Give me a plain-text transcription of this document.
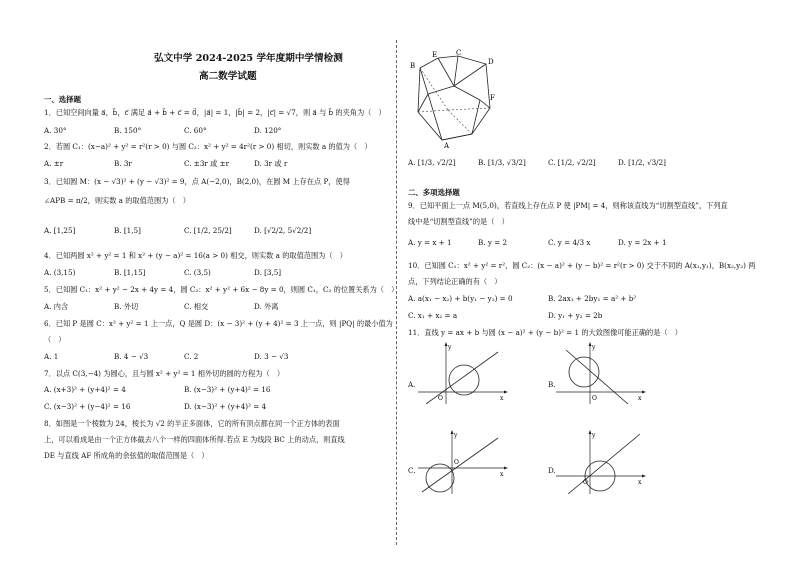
弘文中学 2024-2025 学年度期中学情检测
高二数学试题
一、选择题
1．已知空间向量 a⃗，b⃗，c⃗ 满足 a⃗ + b⃗ + c⃗ = 0⃗，|a⃗| = 1，|b⃗| = 2，|c⃗| = √7，则 a⃗ 与 b⃗ 的夹角为（　）
A. 30°	B. 150°	C. 60°	D. 120°
2．若圆 C₁：(x−a)² + y² = r²(r > 0) 与圆 C₂：x² + y² = 4r²(r > 0) 相切，则实数 a 的值为（　）
A. ±r	B. 3r	C. ±3r 或 ±r	D. 3r 或 r
3．已知圆 M：(x − √3)² + (y − √3)² = 9，点 A(−2,0)，B(2,0)，在圆 M 上存在点 P，使得
∠APB = π/2，则实数 a 的取值范围为（　）
A. [1,25]	B. [1,5]	C. [1/2, 25/2]	D. [√2/2, 5√2/2]
4．已知两圆 x² + y² = 1 和 x² + (y − a)² = 16(a > 0) 相交，则实数 a 的取值范围为（　）
A. (3,15)	B. [1,15]	C. (3,5)	D. [3,5]
5．已知圆 C₁：x² + y² − 2x + 4y = 4，圆 C₂：x² + y² + 6x − 8y = 0，则圆 C₁，C₂ 的位置关系为（　）
A. 内含	B. 外切	C. 相交	D. 外离
6．已知 P 是圆 C：x² + y² = 1 上一点，Q 是圆 D：(x − 3)² + (y + 4)² = 3 上一点，则 |PQ| 的最小值为
（　）
A. 1	B. 4 − √3	C. 2	D. 3 − √3
7．以点 C(3,−4) 为圆心，且与圆 x² + y² = 1 相外切的圆的方程为（　）
A. (x+3)² + (y+4)² = 4	B. (x−3)² + (y+4)² = 16
C. (x−3)² + (y−4)² = 16	D. (x−3)² + (y+4)² = 4
8．如图是一个棱数为 24，棱长为 √2 的半正多面体，它的所有顶点都在同一个正方体的表面
上，可以看成是由一个正方体截去八个一样的四面体所得.若点 E 为线段 BC 上的动点，则直线
DE 与直线 AF 所成角的余弦值的取值范围是（　）
B
E	C
D
F
A
A. [1/3, √2/2]	B. [1/3, √3/2]	C. [1/2, √2/2]	D. [1/2, √3/2]
二、多项选择题
9．已知平面上一点 M(5,0)，若直线上存在点 P 使 |PM| = 4，则称该直线为“切割型直线”，下列直
线中是“切割型直线”的是（　）
A. y = x + 1	B. y = 2	C. y = 4/3 x	D. y = 2x + 1
10．已知圆 C₁：x² + y² = r²，圆 C₂：(x − a)² + (y − b)² = r²(r > 0) 交于不同的 A(x₁,y₁)，B(x₂,y₂) 两
点，下列结论正确的有（　）
A. a(x₁ − x₂) + b(y₁ − y₂) = 0	B. 2ax₁ + 2by₁ = a² + b²
C. x₁ + x₂ = a	D. y₁ + y₂ = 2b
11．直线 y = ax + b 与圆 (x − a)² + (y − b)² = 1 的大致图像可能正确的是（　）
A.
y
x
O
B.
y
x
O
C.
y
x
O
D.
y
x
O
